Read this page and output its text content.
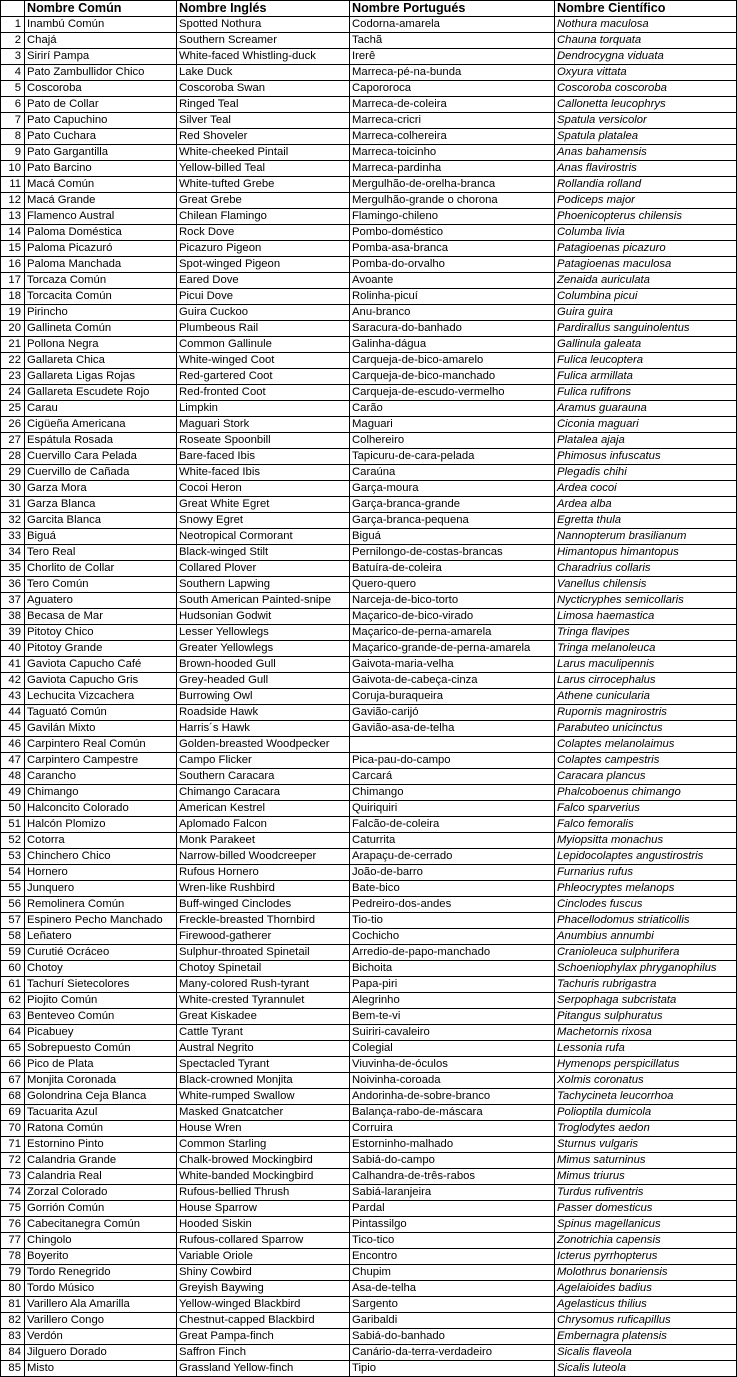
	Nombre Común	Nombre Inglés	Nombre Portugués	Nombre Científico
1	Inambú Común	Spotted Nothura	Codorna-amarela	Nothura maculosa
2	Chajá	Southern Screamer	Tachã	Chauna torquata
3	Sirirí Pampa	White-faced Whistling-duck	Irerê	Dendrocygna viduata
4	Pato Zambullidor Chico	Lake Duck	Marreca-pé-na-bunda	Oxyura vittata
5	Coscoroba	Coscoroba Swan	Capororoca	Coscoroba coscoroba
6	Pato de Collar	Ringed Teal	Marreca-de-coleira	Callonetta leucophrys
7	Pato Capuchino	Silver Teal	Marreca-cricri	Spatula versicolor
8	Pato Cuchara	Red Shoveler	Marreca-colhereira	Spatula platalea
9	Pato Gargantilla	White-cheeked Pintail	Marreca-toicinho	Anas bahamensis
10	Pato Barcino	Yellow-billed Teal	Marreca-pardinha	Anas flavirostris
11	Macá Común	White-tufted Grebe	Mergulhão-de-orelha-branca	Rollandia rolland
12	Macá Grande	Great Grebe	Mergulhão-grande o chorona	Podiceps major
13	Flamenco Austral	Chilean Flamingo	Flamingo-chileno	Phoenicopterus chilensis
14	Paloma Doméstica	Rock Dove	Pombo-doméstico	Columba livia
15	Paloma Picazuró	Picazuro Pigeon	Pomba-asa-branca	Patagioenas picazuro
16	Paloma Manchada	Spot-winged Pigeon	Pomba-do-orvalho	Patagioenas maculosa
17	Torcaza Común	Eared Dove	Avoante	Zenaida auriculata
18	Torcacita Común	Picui Dove	Rolinha-picuí	Columbina picui
19	Pirincho	Guira Cuckoo	Anu-branco	Guira guira
20	Gallineta Común	Plumbeous Rail	Saracura-do-banhado	Pardirallus sanguinolentus
21	Pollona Negra	Common Gallinule	Galinha-dágua	Gallinula galeata
22	Gallareta Chica	White-winged Coot	Carqueja-de-bico-amarelo	Fulica leucoptera
23	Gallareta Ligas Rojas	Red-gartered Coot	Carqueja-de-bico-manchado	Fulica armillata
24	Gallareta Escudete Rojo	Red-fronted Coot	Carqueja-de-escudo-vermelho	Fulica rufifrons
25	Carau	Limpkin	Carão	Aramus guarauna
26	Cigüeña Americana	Maguari Stork	Maguari	Ciconia maguari
27	Espátula Rosada	Roseate Spoonbill	Colhereiro	Platalea ajaja
28	Cuervillo Cara Pelada	Bare-faced Ibis	Tapicuru-de-cara-pelada	Phimosus infuscatus
29	Cuervillo de Cañada	White-faced Ibis	Caraúna	Plegadis chihi
30	Garza Mora	Cocoi Heron	Garça-moura	Ardea cocoi
31	Garza Blanca	Great White Egret	Garça-branca-grande	Ardea alba
32	Garcita Blanca	Snowy Egret	Garça-branca-pequena	Egretta thula
33	Biguá	Neotropical Cormorant	Biguá	Nannopterum brasilianum
34	Tero Real	Black-winged Stilt	Pernilongo-de-costas-brancas	Himantopus himantopus
35	Chorlito de Collar	Collared Plover	Batuíra-de-coleira	Charadrius collaris
36	Tero Común	Southern Lapwing	Quero-quero	Vanellus chilensis
37	Aguatero	South American Painted-snipe	Narceja-de-bico-torto	Nycticryphes semicollaris
38	Becasa de Mar	Hudsonian Godwit	Maçarico-de-bico-virado	Limosa haemastica
39	Pitotoy Chico	Lesser Yellowlegs	Maçarico-de-perna-amarela	Tringa flavipes
40	Pitotoy Grande	Greater Yellowlegs	Maçarico-grande-de-perna-amarela	Tringa melanoleuca
41	Gaviota Capucho Café	Brown-hooded Gull	Gaivota-maria-velha	Larus maculipennis
42	Gaviota Capucho Gris	Grey-headed Gull	Gaivota-de-cabeça-cinza	Larus cirrocephalus
43	Lechucita Vizcachera	Burrowing Owl	Coruja-buraqueira	Athene cunicularia
44	Taguató Común	Roadside Hawk	Gavião-carijó	Rupornis magnirostris
45	Gavilán Mixto	Harris´s Hawk	Gavião-asa-de-telha	Parabuteo unicinctus
46	Carpintero Real Común	Golden-breasted Woodpecker		Colaptes melanolaimus
47	Carpintero Campestre	Campo Flicker	Pica-pau-do-campo	Colaptes campestris
48	Carancho	Southern Caracara	Carcará	Caracara plancus
49	Chimango	Chimango Caracara	Chimango	Phalcoboenus chimango
50	Halconcito Colorado	American Kestrel	Quiriquiri	Falco sparverius
51	Halcón Plomizo	Aplomado Falcon	Falcão-de-coleira	Falco femoralis
52	Cotorra	Monk Parakeet	Caturrita	Myiopsitta monachus
53	Chinchero Chico	Narrow-billed Woodcreeper	Arapaçu-de-cerrado	Lepidocolaptes angustirostris
54	Hornero	Rufous Hornero	João-de-barro	Furnarius rufus
55	Junquero	Wren-like Rushbird	Bate-bico	Phleocryptes melanops
56	Remolinera Común	Buff-winged Cinclodes	Pedreiro-dos-andes	Cinclodes fuscus
57	Espinero Pecho Manchado	Freckle-breasted Thornbird	Tio-tio	Phacellodomus striaticollis
58	Leñatero	Firewood-gatherer	Cochicho	Anumbius annumbi
59	Curutié Ocráceo	Sulphur-throated Spinetail	Arredio-de-papo-manchado	Cranioleuca sulphurifera
60	Chotoy	Chotoy Spinetail	Bichoita	Schoeniophylax phryganophilus
61	Tachurí Sietecolores	Many-colored Rush-tyrant	Papa-piri	Tachuris rubrigastra
62	Piojito Común	White-crested Tyrannulet	Alegrinho	Serpophaga subcristata
63	Benteveo Común	Great Kiskadee	Bem-te-vi	Pitangus sulphuratus
64	Picabuey	Cattle Tyrant	Suiriri-cavaleiro	Machetornis rixosa
65	Sobrepuesto Común	Austral Negrito	Colegial	Lessonia rufa
66	Pico de Plata	Spectacled Tyrant	Viuvinha-de-óculos	Hymenops perspicillatus
67	Monjita Coronada	Black-crowned Monjita	Noivinha-coroada	Xolmis coronatus
68	Golondrina Ceja Blanca	White-rumped Swallow	Andorinha-de-sobre-branco	Tachycineta leucorrhoa
69	Tacuarita Azul	Masked Gnatcatcher	Balança-rabo-de-máscara	Polioptila dumicola
70	Ratona Común	House Wren	Corruira	Troglodytes aedon
71	Estornino Pinto	Common Starling	Estorninho-malhado	Sturnus vulgaris
72	Calandria Grande	Chalk-browed Mockingbird	Sabiá-do-campo	Mimus saturninus
73	Calandria Real	White-banded Mockingbird	Calhandra-de-três-rabos	Mimus triurus
74	Zorzal Colorado	Rufous-bellied Thrush	Sabiá-laranjeira	Turdus rufiventris
75	Gorrión Común	House Sparrow	Pardal	Passer domesticus
76	Cabecitanegra Común	Hooded Siskin	Pintassilgo	Spinus magellanicus
77	Chingolo	Rufous-collared Sparrow	Tico-tico	Zonotrichia capensis
78	Boyerito	Variable Oriole	Encontro	Icterus pyrrhopterus
79	Tordo Renegrido	Shiny Cowbird	Chupim	Molothrus bonariensis
80	Tordo Músico	Greyish Baywing	Asa-de-telha	Agelaioides badius
81	Varillero Ala Amarilla	Yellow-winged Blackbird	Sargento	Agelasticus thilius
82	Varillero Congo	Chestnut-capped Blackbird	Garibaldi	Chrysomus ruficapillus
83	Verdón	Great Pampa-finch	Sabiá-do-banhado	Embernagra platensis
84	Jilguero Dorado	Saffron Finch	Canário-da-terra-verdadeiro	Sicalis flaveola
85	Misto	Grassland Yellow-finch	Tipio	Sicalis luteola
